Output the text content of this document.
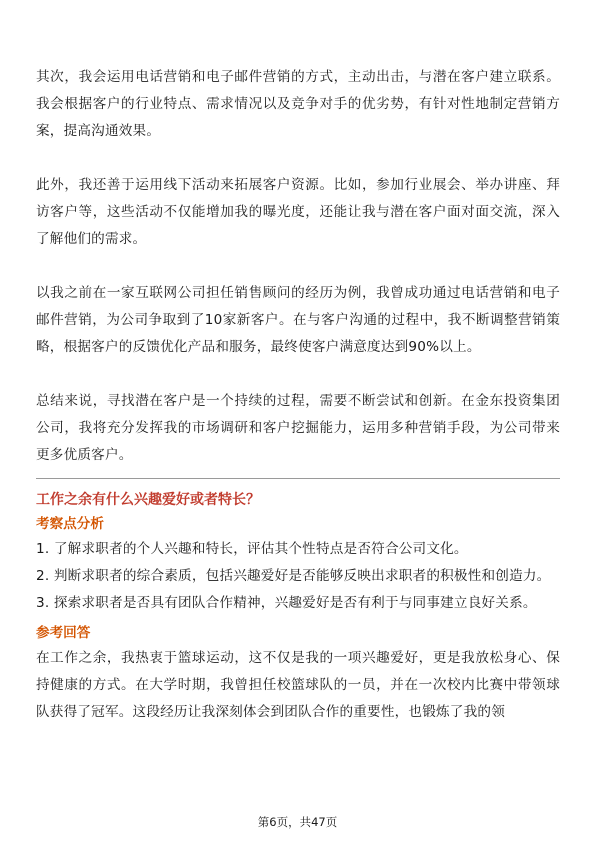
其次，我会运用电话营销和电子邮件营销的方式，主动出击，与潜在客户建立联系。我会根据客户的行业特点、需求情况以及竞争对手的优劣势，有针对性地制定营销方案，提高沟通效果。

此外，我还善于运用线下活动来拓展客户资源。比如，参加行业展会、举办讲座、拜访客户等，这些活动不仅能增加我的曝光度，还能让我与潜在客户面对面交流，深入了解他们的需求。

以我之前在一家互联网公司担任销售顾问的经历为例，我曾成功通过电话营销和电子邮件营销，为公司争取到了10家新客户。在与客户沟通的过程中，我不断调整营销策略，根据客户的反馈优化产品和服务，最终使客户满意度达到90%以上。

总结来说，寻找潜在客户是一个持续的过程，需要不断尝试和创新。在金东投资集团公司，我将充分发挥我的市场调研和客户挖掘能力，运用多种营销手段，为公司带来更多优质客户。

工作之余有什么兴趣爱好或者特长？

考察点分析

1. 了解求职者的个人兴趣和特长，评估其个性特点是否符合公司文化。

2. 判断求职者的综合素质，包括兴趣爱好是否能够反映出求职者的积极性和创造力。

3. 探索求职者是否具有团队合作精神，兴趣爱好是否有利于与同事建立良好关系。

参考回答

在工作之余，我热衷于篮球运动，这不仅是我的一项兴趣爱好，更是我放松身心、保持健康的方式。在大学时期，我曾担任校篮球队的一员，并在一次校内比赛中带领球队获得了冠军。这段经历让我深刻体会到团队合作的重要性，也锻炼了我的领

第6页，共47页
